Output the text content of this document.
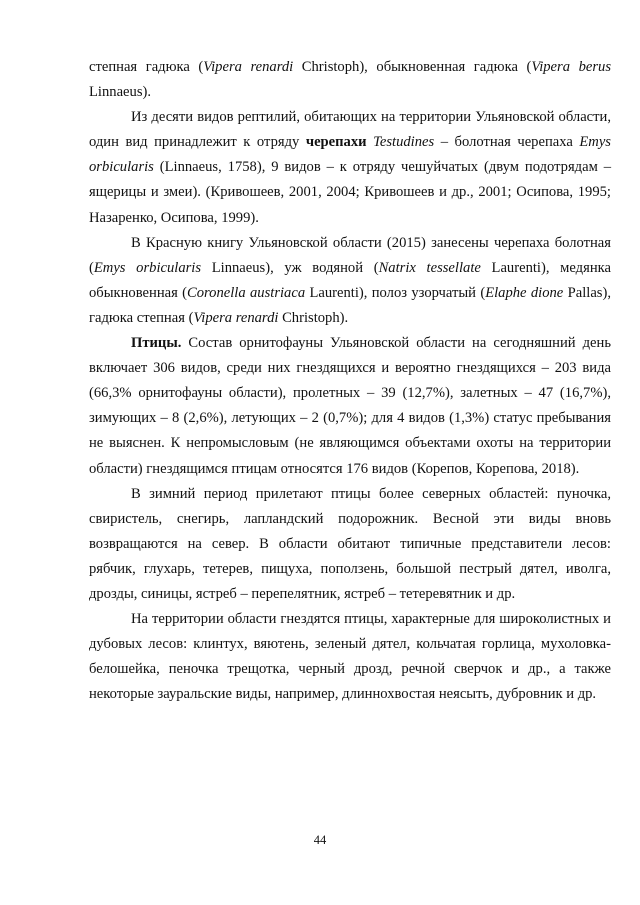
степная гадюка (Vipera renardi Christoph), обыкновенная гадюка (Vipera berus Linnaeus).

Из десяти видов рептилий, обитающих на территории Ульяновской области, один вид принадлежит к отряду черепахи Testudines – болотная черепаха Emys orbicularis (Linnaeus, 1758), 9 видов – к отряду чешуйчатых (двум подотрядам – ящерицы и змеи). (Кривошеев, 2001, 2004; Кривошеев и др., 2001; Осипова, 1995; Назаренко, Осипова, 1999).

В Красную книгу Ульяновской области (2015) занесены черепаха болотная (Emys orbicularis Linnaeus), уж водяной (Natrix tessellate Laurenti), медянка обыкновенная (Coronella austriaca Laurenti), полоз узорчатый (Elaphe dione Pallas), гадюка степная (Vipera renardi Christoph).

Птицы. Состав орнитофауны Ульяновской области на сегодняшний день включает 306 видов, среди них гнездящихся и вероятно гнездящихся – 203 вида (66,3% орнитофауны области), пролетных – 39 (12,7%), залетных – 47 (16,7%), зимующих – 8 (2,6%), летующих – 2 (0,7%); для 4 видов (1,3%) статус пребывания не выяснен. К непромысловым (не являющимся объектами охоты на территории области) гнездящимся птицам относятся 176 видов (Корепов, Корепова, 2018).

В зимний период прилетают птицы более северных областей: пуночка, свиристель, снегирь, лапландский подорожник. Весной эти виды вновь возвращаются на север. В области обитают типичные представители лесов: рябчик, глухарь, тетерев, пищуха, поползень, большой пестрый дятел, иволга, дрозды, синицы, ястреб – перепелятник, ястреб – тетеревятник и др.

На территории области гнездятся птицы, характерные для широколистных и дубовых лесов: клинтух, вяютень, зеленый дятел, кольчатая горлица, мухоловка-белошейка, пеночка трещотка, черный дрозд, речной сверчок и др., а также некоторые зауральские виды, например, длиннохвостая неясыть, дубровник и др.

44
